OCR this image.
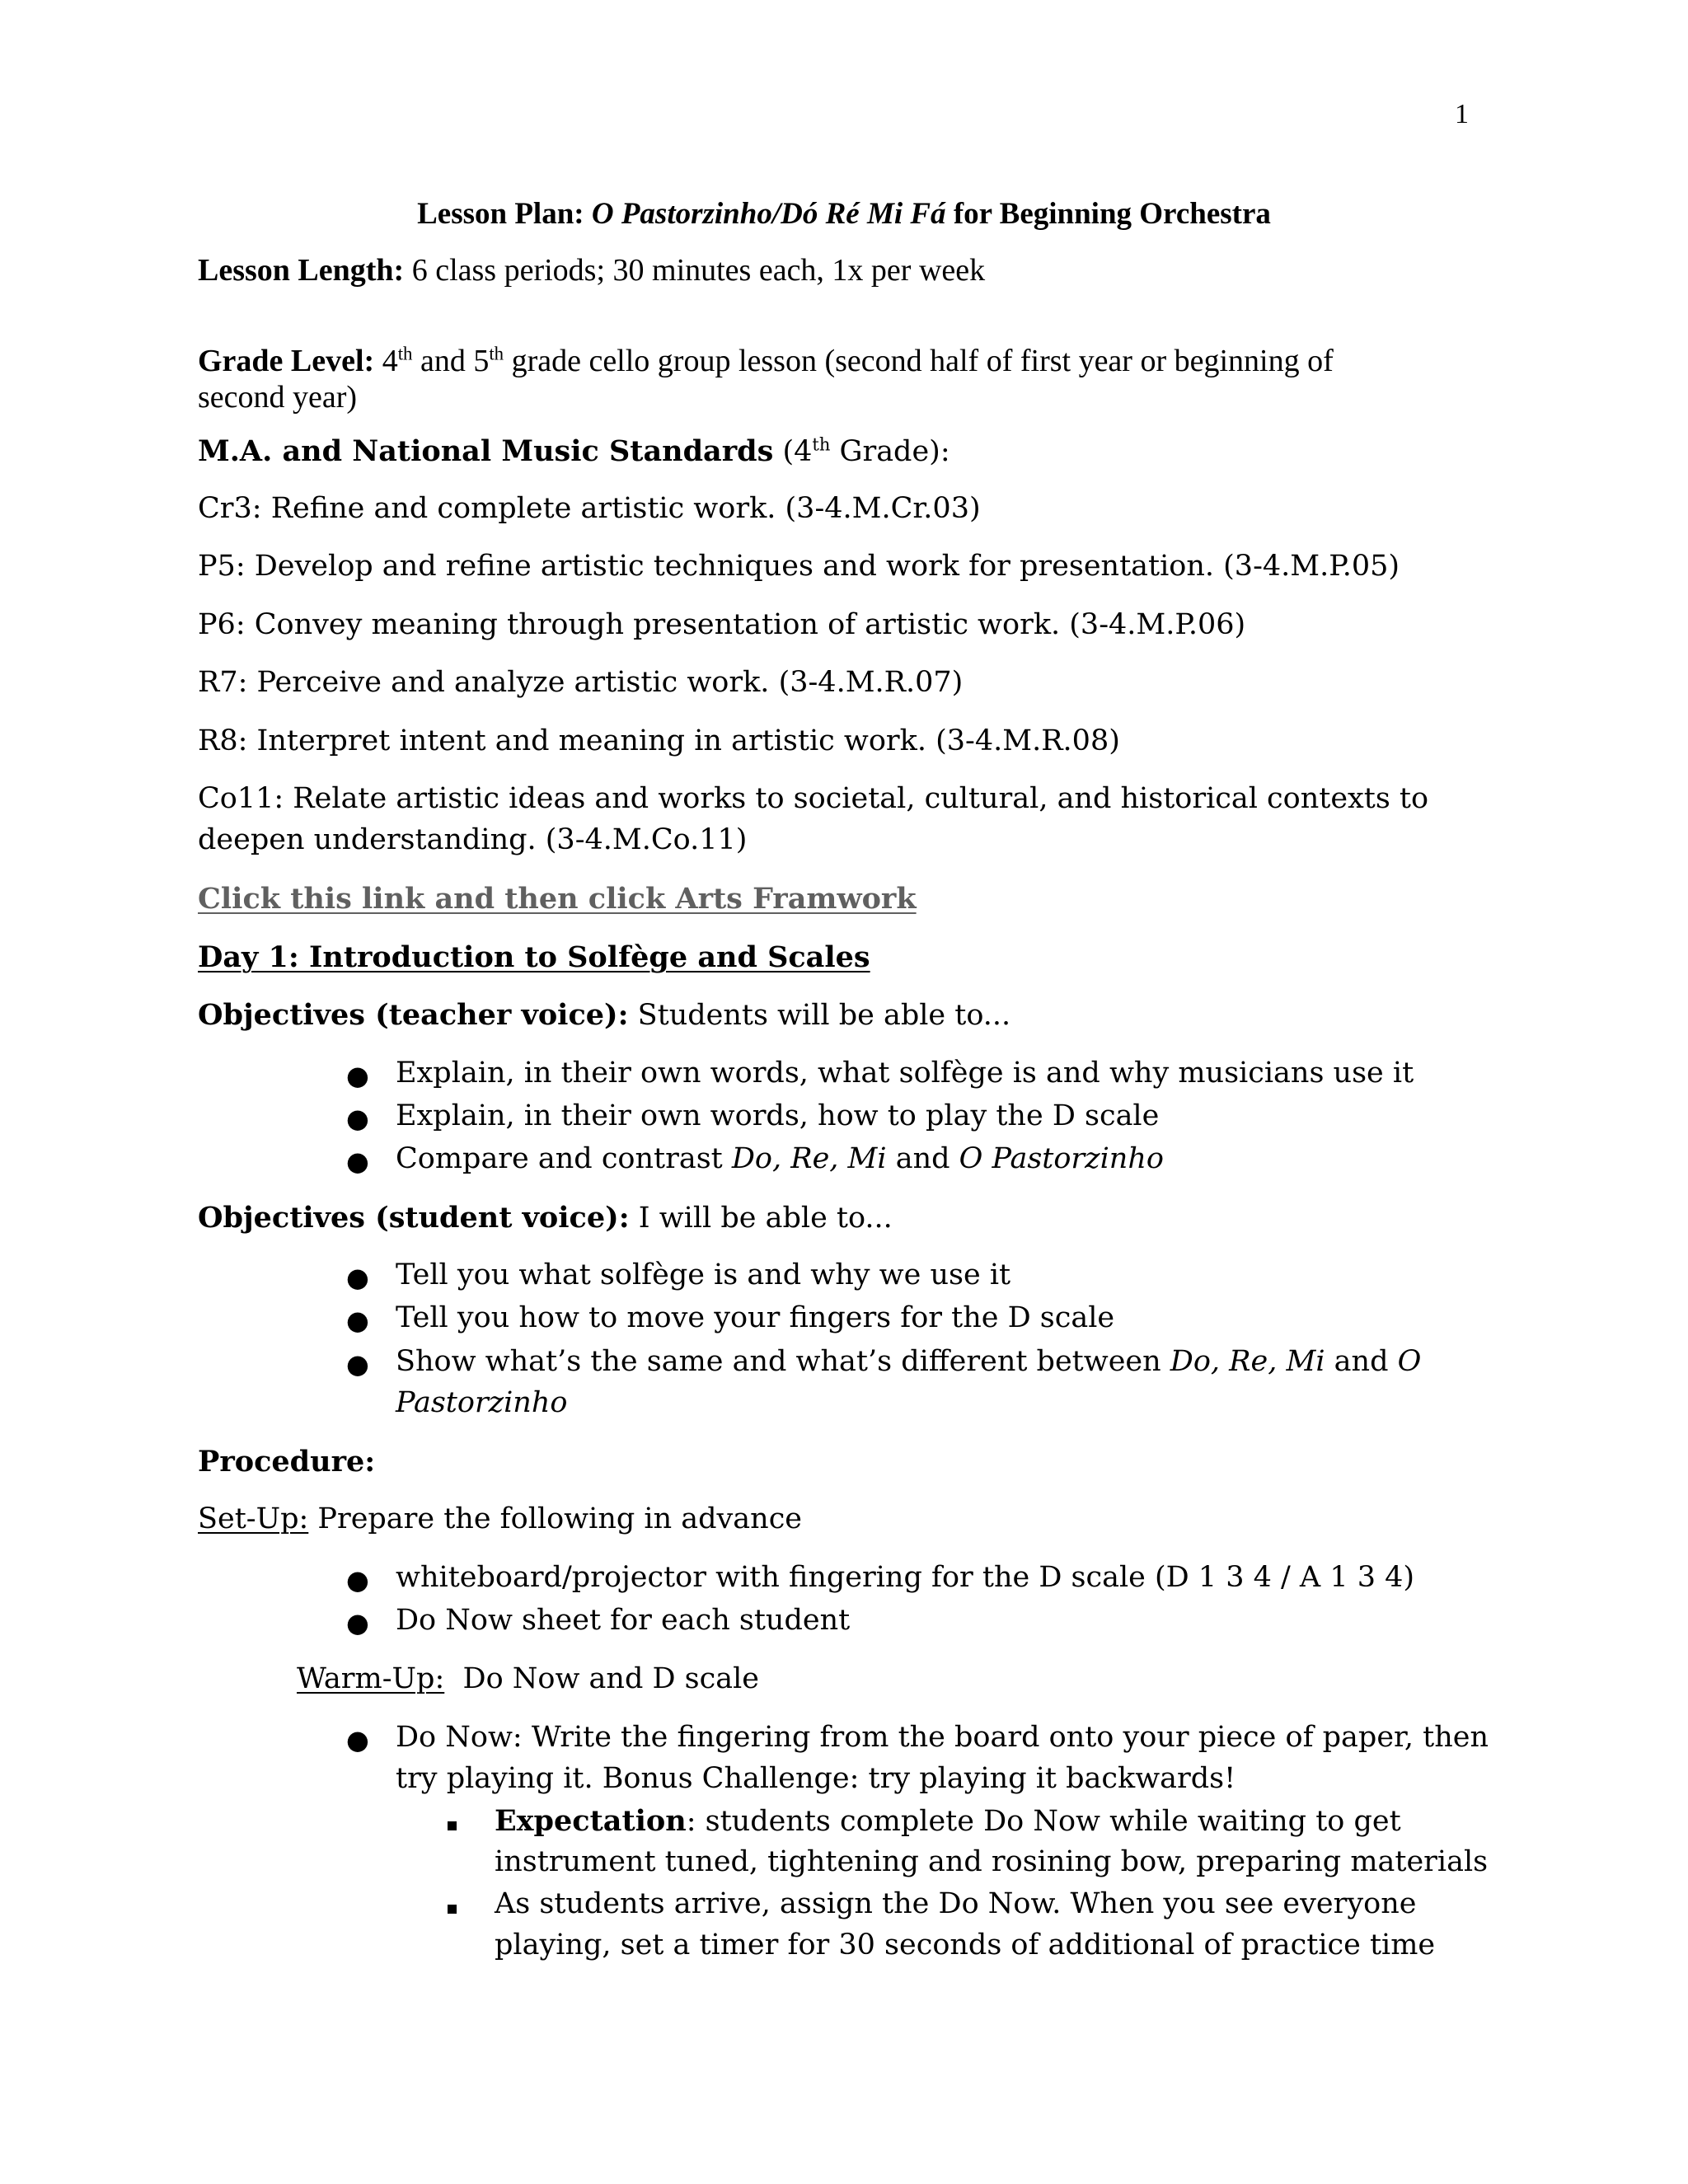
1
Lesson Plan: O Pastorzinho/Dó Ré Mi Fá for Beginning Orchestra
Lesson Length: 6 class periods; 30 minutes each, 1x per week
Grade Level: 4th and 5th grade cello group lesson (second half of first year or beginning of
second year)
M.A. and National Music Standards (4th Grade):
Cr3: Refine and complete artistic work. (3-4.M.Cr.03)
P5: Develop and refine artistic techniques and work for presentation. (3-4.M.P.05)
P6: Convey meaning through presentation of artistic work. (3-4.M.P.06)
R7: Perceive and analyze artistic work. (3-4.M.R.07)
R8: Interpret intent and meaning in artistic work. (3-4.M.R.08)
Co11: Relate artistic ideas and works to societal, cultural, and historical contexts to
deepen understanding. (3-4.M.Co.11)
Click this link and then click Arts Framwork
Day 1: Introduction to Solfège and Scales
Objectives (teacher voice): Students will be able to...
● Explain, in their own words, what solfège is and why musicians use it
● Explain, in their own words, how to play the D scale
● Compare and contrast Do, Re, Mi and O Pastorzinho
Objectives (student voice): I will be able to...
● Tell you what solfège is and why we use it
● Tell you how to move your fingers for the D scale
● Show what’s the same and what’s different between Do, Re, Mi and O
Pastorzinho
Procedure:
Set-Up: Prepare the following in advance
● whiteboard/projector with fingering for the D scale (D 1 3 4 / A 1 3 4)
● Do Now sheet for each student
Warm-Up:  Do Now and D scale
● Do Now: Write the fingering from the board onto your piece of paper, then
try playing it. Bonus Challenge: try playing it backwards!
Expectation: students complete Do Now while waiting to get
instrument tuned, tightening and rosining bow, preparing materials
As students arrive, assign the Do Now. When you see everyone
playing, set a timer for 30 seconds of additional of practice time
